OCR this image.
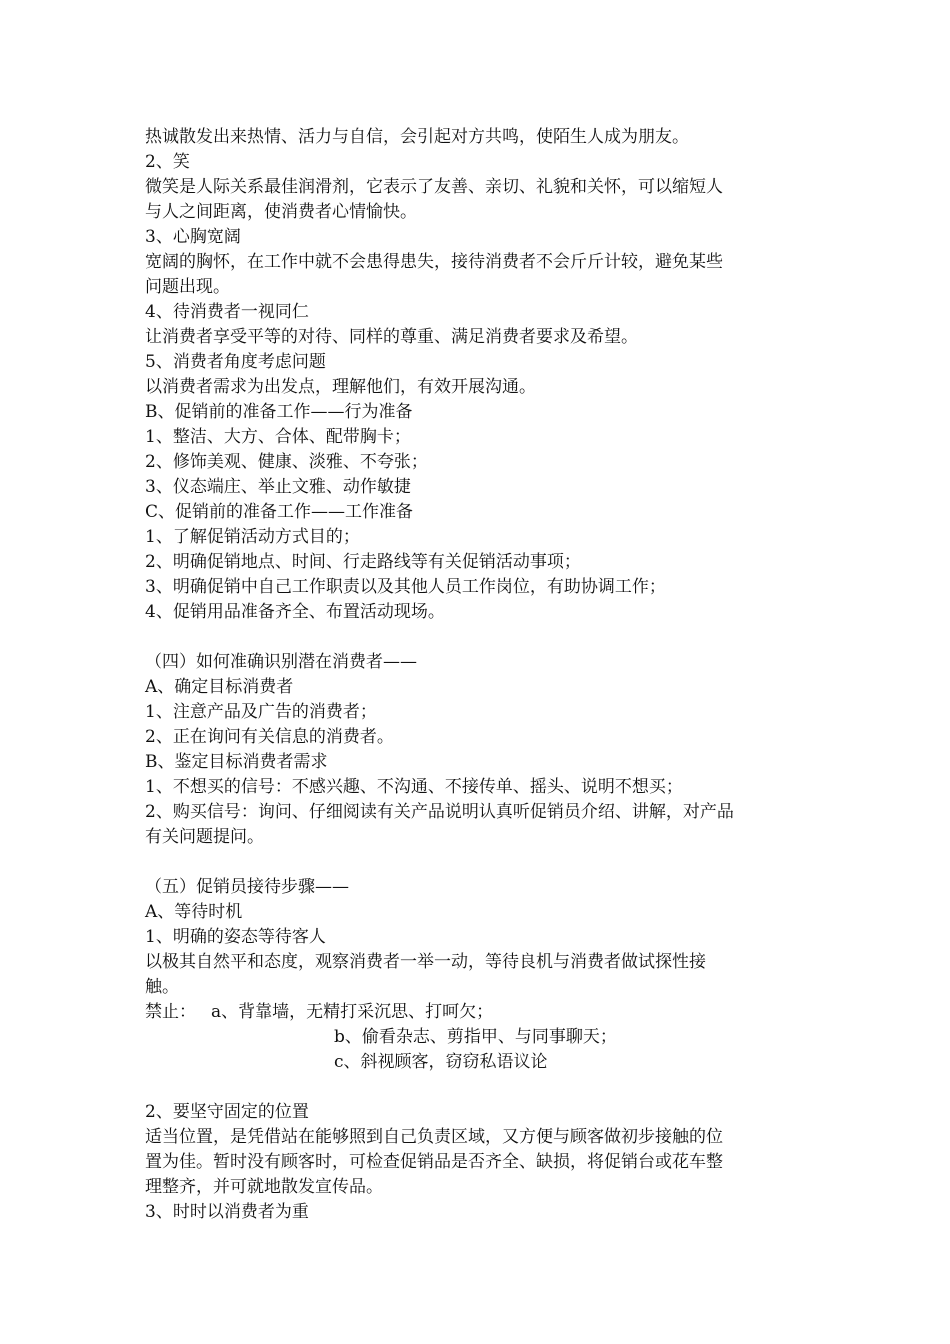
热诚散发出来热情、活力与自信，会引起对方共鸣，使陌生人成为朋友。
2、笑
微笑是人际关系最佳润滑剂，它表示了友善、亲切、礼貌和关怀，可以缩短人
与人之间距离，使消费者心情愉快。
3、心胸宽阔
宽阔的胸怀，在工作中就不会患得患失，接待消费者不会斤斤计较，避免某些
问题出现。
4、待消费者一视同仁
让消费者享受平等的对待、同样的尊重、满足消费者要求及希望。
5、消费者角度考虑问题
以消费者需求为出发点，理解他们，有效开展沟通。
B、促销前的准备工作——行为准备
1、整洁、大方、合体、配带胸卡；
2、修饰美观、健康、淡雅、不夸张；
3、仪态端庄、举止文雅、动作敏捷
C、促销前的准备工作——工作准备
1、了解促销活动方式目的；
2、明确促销地点、时间、行走路线等有关促销活动事项；
3、明确促销中自己工作职责以及其他人员工作岗位，有助协调工作；
4、促销用品准备齐全、布置活动现场。
（四）如何准确识别潜在消费者——
A、确定目标消费者
1、注意产品及广告的消费者；
2、正在询问有关信息的消费者。
B、鉴定目标消费者需求
1、不想买的信号：不感兴趣、不沟通、不接传单、摇头、说明不想买；
2、购买信号：询问、仔细阅读有关产品说明认真听促销员介绍、讲解，对产品
有关问题提问。
（五）促销员接待步骤——
A、等待时机
1、明确的姿态等待客人
以极其自然平和态度，观察消费者一举一动，等待良机与消费者做试探性接
触。
禁止： a、背靠墙，无精打采沉思、打呵欠；
b、偷看杂志、剪指甲、与同事聊天；
c、斜视顾客，窃窃私语议论
2、要坚守固定的位置
适当位置，是凭借站在能够照到自己负责区域，又方便与顾客做初步接触的位
置为佳。暂时没有顾客时，可检查促销品是否齐全、缺损，将促销台或花车整
理整齐，并可就地散发宣传品。
3、时时以消费者为重
